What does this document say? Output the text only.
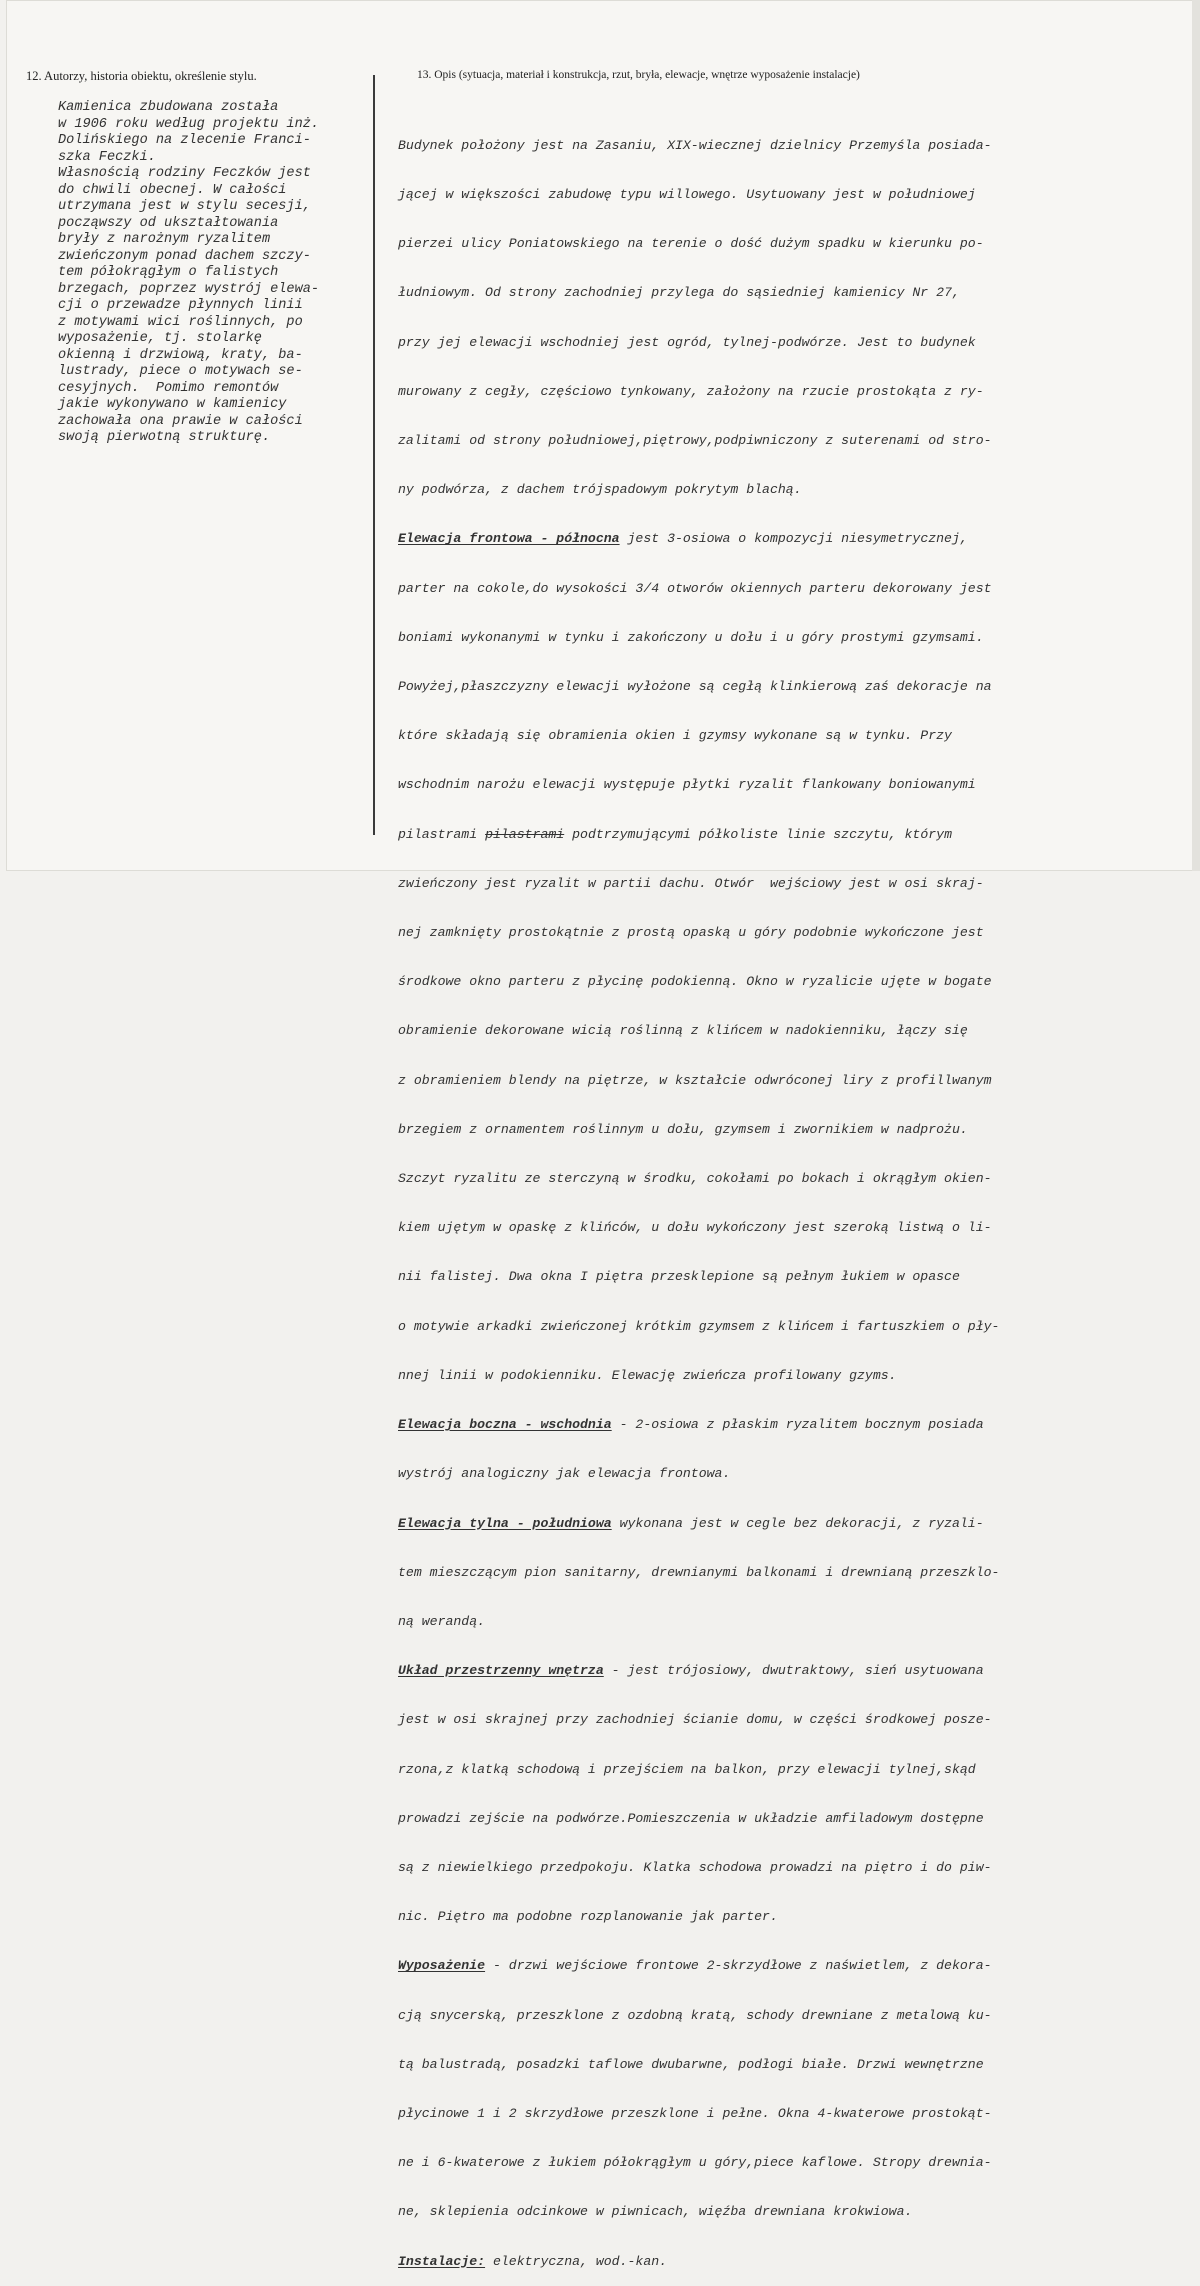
12. Autorzy, historia obiektu, określenie stylu.	13. Opis (sytuacja, materiał i konstrukcja, rzut, bryła, elewacje, wnętrze wyposażenie instalacje)
Kamienica zbudowana została
w 1906 roku według projektu inż.
Dolińskiego na zlecenie Franci-
szka Feczki.
Własnością rodziny Feczków jest
do chwili obecnej. W całości
utrzymana jest w stylu secesji,
począwszy od ukształtowania
bryły z narożnym ryzalitem
zwieńczonym ponad dachem szczy-
tem półokrągłym o falistych
brzegach, poprzez wystrój elewa-
cji o przewadze płynnych linii
z motywami wici roślinnych, po
wyposażenie, tj. stolarkę
okienną i drzwiową, kraty, ba-
lustrady, piece o motywach se-
cesyjnych.  Pomimo remontów
jakie wykonywano w kamienicy
zachowała ona prawie w całości
swoją pierwotną strukturę.

Budynek położony jest na Zasaniu, XIX-wiecznej dzielnicy Przemyśla posiada-

jącej w większości zabudowę typu willowego. Usytuowany jest w południowej

pierzei ulicy Poniatowskiego na terenie o dość dużym spadku w kierunku po-

łudniowym. Od strony zachodniej przylega do sąsiedniej kamienicy Nr 27,

przy jej elewacji wschodniej jest ogród, tylnej-podwórze. Jest to budynek

murowany z cegły, częściowo tynkowany, założony na rzucie prostokąta z ry-

zalitami od strony południowej,piętrowy,podpiwniczony z suterenami od stro-

ny podwórza, z dachem trójspadowym pokrytym blachą.

Elewacja frontowa - północna jest 3-osiowa o kompozycji niesymetrycznej,

parter na cokole,do wysokości 3/4 otworów okiennych parteru dekorowany jest

boniami wykonanymi w tynku i zakończony u dołu i u góry prostymi gzymsami.

Powyżej,płaszczyzny elewacji wyłożone są cegłą klinkierową zaś dekoracje na

które składają się obramienia okien i gzymsy wykonane są w tynku. Przy

wschodnim narożu elewacji występuje płytki ryzalit flankowany boniowanymi

pilastrami pilastrami podtrzymującymi półkoliste linie szczytu, którym

zwieńczony jest ryzalit w partii dachu. Otwór  wejściowy jest w osi skraj-

nej zamknięty prostokątnie z prostą opaską u góry podobnie wykończone jest

środkowe okno parteru z płycinę podokienną. Okno w ryzalicie ujęte w bogate

obramienie dekorowane wicią roślinną z klińcem w nadokienniku, łączy się

z obramieniem blendy na piętrze, w kształcie odwróconej liry z profillwanym

brzegiem z ornamentem roślinnym u dołu, gzymsem i zwornikiem w nadprożu.

Szczyt ryzalitu ze sterczyną w środku, cokołami po bokach i okrągłym okien-

kiem ujętym w opaskę z klińców, u dołu wykończony jest szeroką listwą o li-

nii falistej. Dwa okna I piętra przesklepione są pełnym łukiem w opasce

o motywie arkadki zwieńczonej krótkim gzymsem z klińcem i fartuszkiem o pły-

nnej linii w podokienniku. Elewację zwieńcza profilowany gzyms.

Elewacja boczna - wschodnia - 2-osiowa z płaskim ryzalitem bocznym posiada

wystrój analogiczny jak elewacja frontowa.

Elewacja tylna - południowa wykonana jest w cegle bez dekoracji, z ryzali-

tem mieszczącym pion sanitarny, drewnianymi balkonami i drewnianą przeszklo-

ną werandą.

Układ przestrzenny wnętrza - jest trójosiowy, dwutraktowy, sień usytuowana

jest w osi skrajnej przy zachodniej ścianie domu, w części środkowej posze-

rzona,z klatką schodową i przejściem na balkon, przy elewacji tylnej,skąd

prowadzi zejście na podwórze.Pomieszczenia w układzie amfiladowym dostępne

są z niewielkiego przedpokoju. Klatka schodowa prowadzi na piętro i do piw-

nic. Piętro ma podobne rozplanowanie jak parter.

Wyposażenie - drzwi wejściowe frontowe 2-skrzydłowe z naświetlem, z dekora-

cją snycerską, przeszklone z ozdobną kratą, schody drewniane z metalową ku-

tą balustradą, posadzki taflowe dwubarwne, podłogi białe. Drzwi wewnętrzne

płycinowe 1 i 2 skrzydłowe przeszklone i pełne. Okna 4-kwaterowe prostokąt-

ne i 6-kwaterowe z łukiem półokrągłym u góry,piece kaflowe. Stropy drewnia-

ne, sklepienia odcinkowe w piwnicach, więźba drewniana krokwiowa.

Instalacje: elektryczna, wod.-kan.
